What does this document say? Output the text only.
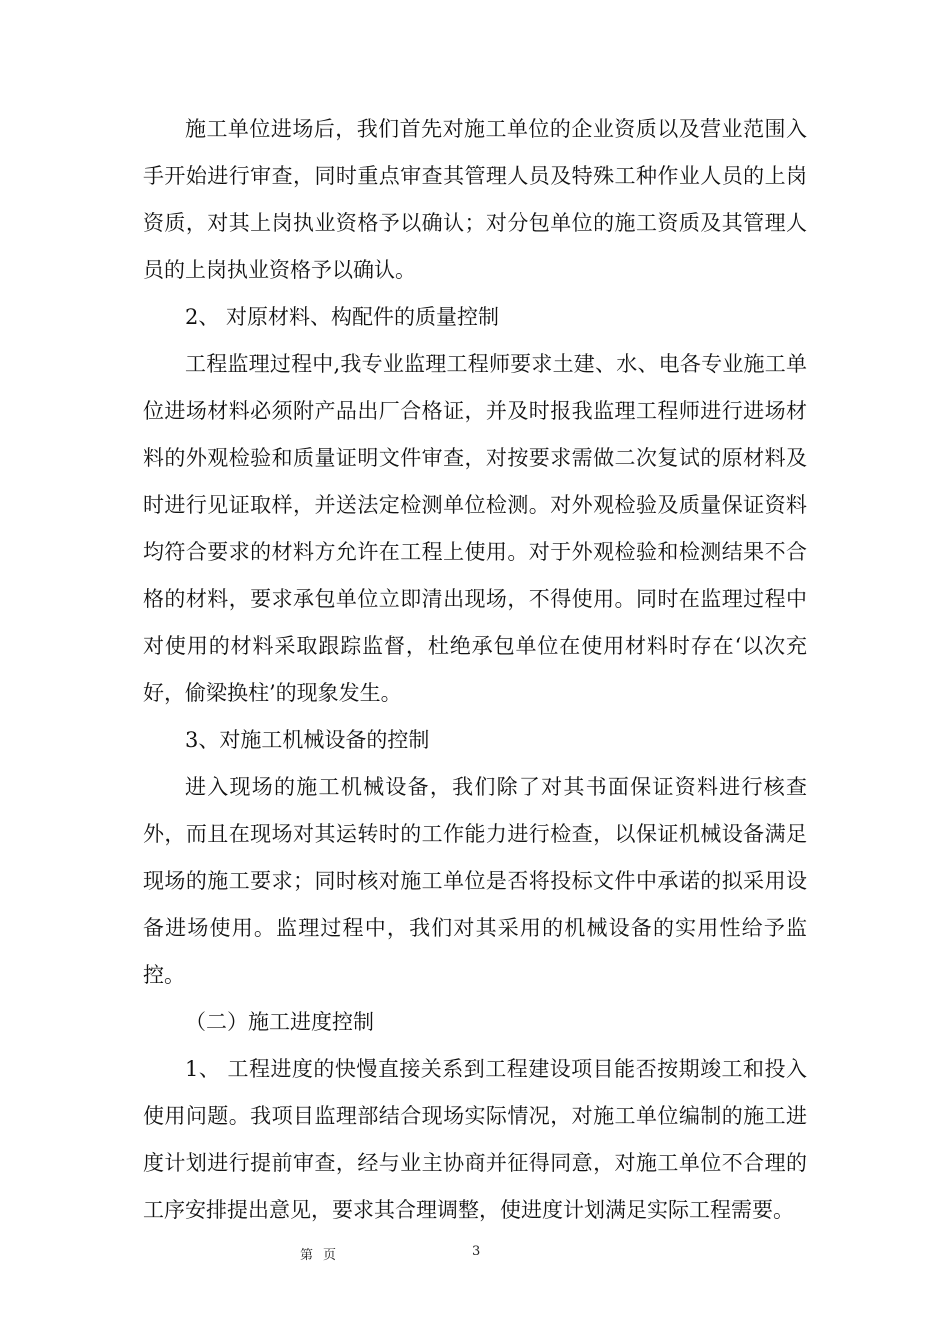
施工单位进场后，我们首先对施工单位的企业资质以及营业范围入手开始进行审查，同时重点审查其管理人员及特殊工种作业人员的上岗资质，对其上岗执业资格予以确认；对分包单位的施工资质及其管理人员的上岗执业资格予以确认。

2、 对原材料、构配件的质量控制

工程监理过程中,我专业监理工程师要求土建、水、电各专业施工单位进场材料必须附产品出厂合格证，并及时报我监理工程师进行进场材料的外观检验和质量证明文件审查，对按要求需做二次复试的原材料及时进行见证取样，并送法定检测单位检测。对外观检验及质量保证资料均符合要求的材料方允许在工程上使用。对于外观检验和检测结果不合格的材料，要求承包单位立即清出现场，不得使用。同时在监理过程中对使用的材料采取跟踪监督，杜绝承包单位在使用材料时存在‘以次充好，偷梁换柱’的现象发生。

3、对施工机械设备的控制

进入现场的施工机械设备，我们除了对其书面保证资料进行核查外，而且在现场对其运转时的工作能力进行检查，以保证机械设备满足现场的施工要求；同时核对施工单位是否将投标文件中承诺的拟采用设备进场使用。监理过程中，我们对其采用的机械设备的实用性给予监控。

（二）施工进度控制

1、 工程进度的快慢直接关系到工程建设项目能否按期竣工和投入使用问题。我项目监理部结合现场实际情况，对施工单位编制的施工进度计划进行提前审查，经与业主协商并征得同意，对施工单位不合理的工序安排提出意见，要求其合理调整，使进度计划满足实际工程需要。

第页	3
